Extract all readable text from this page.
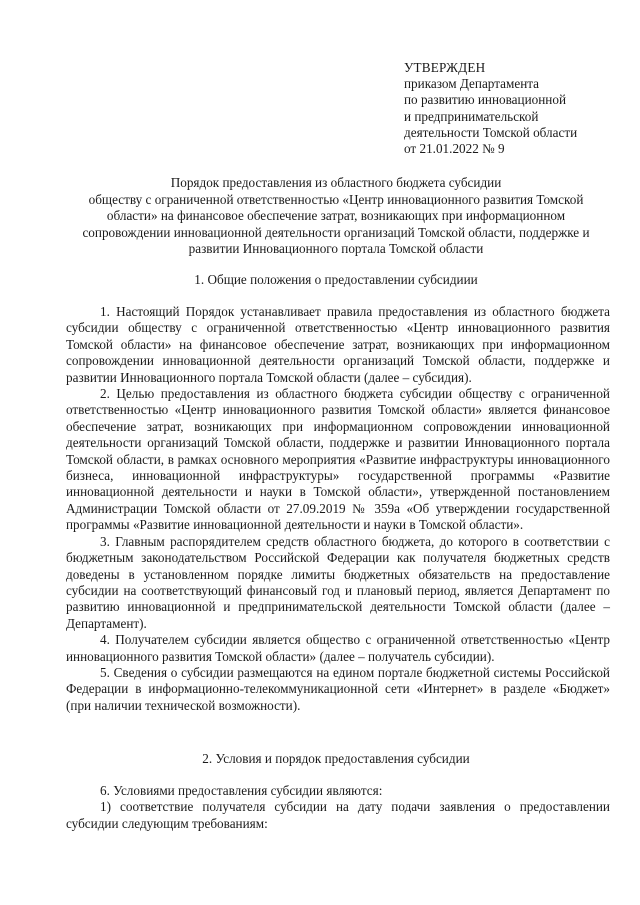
УТВЕРЖДЕН
приказом Департамента
по развитию инновационной
и предпринимательской
деятельности Томской области
от 21.01.2022 № 9
Порядок предоставления из областного бюджета субсидии
обществу с ограниченной ответственностью «Центр инновационного развития Томской
области» на финансовое обеспечение затрат, возникающих при информационном
сопровождении инновационной деятельности организаций Томской области, поддержке и
развитии Инновационного портала Томской области
1. Общие положения о предоставлении субсидиии

1. Настоящий Порядок устанавливает правила предоставления из областного бюджета субсидии обществу с ограниченной ответственностью «Центр инновационного развития Томской области» на финансовое обеспечение затрат, возникающих при информационном сопровождении инновационной деятельности организаций Томской области, поддержке и развитии Инновационного портала Томской области (далее – субсидия).

2. Целью предоставления из областного бюджета субсидии обществу с ограниченной ответственностью «Центр инновационного развития Томской области» является финансовое обеспечение затрат, возникающих при информационном сопровождении инновационной деятельности организаций Томской области, поддержке и развитии Инновационного портала Томской области, в рамках основного мероприятия «Развитие инфраструктуры инновационного бизнеса, инновационной инфраструктуры» государственной программы «Развитие инновационной деятельности и науки в Томской области», утвержденной постановлением Администрации Томской области от 27.09.2019 № 359а «Об утверждении государственной программы «Развитие инновационной деятельности и науки в Томской области».

3. Главным распорядителем средств областного бюджета, до которого в соответствии с бюджетным законодательством Российской Федерации как получателя бюджетных средств доведены в установленном порядке лимиты бюджетных обязательств на предоставление субсидии на соответствующий финансовый год и плановый период, является Департамент по развитию инновационной и предпринимательской деятельности Томской области (далее – Департамент).

4. Получателем субсидии является общество с ограниченной ответственностью «Центр инновационного развития Томской области» (далее – получатель субсидии).

5. Сведения о субсидии размещаются на едином портале бюджетной системы Российской Федерации в информационно-телекоммуникационной сети «Интернет» в разделе «Бюджет» (при наличии технической возможности).

2. Условия и порядок предоставления субсидии

6. Условиями предоставления субсидии являются:

1) соответствие получателя субсидии на дату подачи заявления о предоставлении субсидии следующим требованиям:
